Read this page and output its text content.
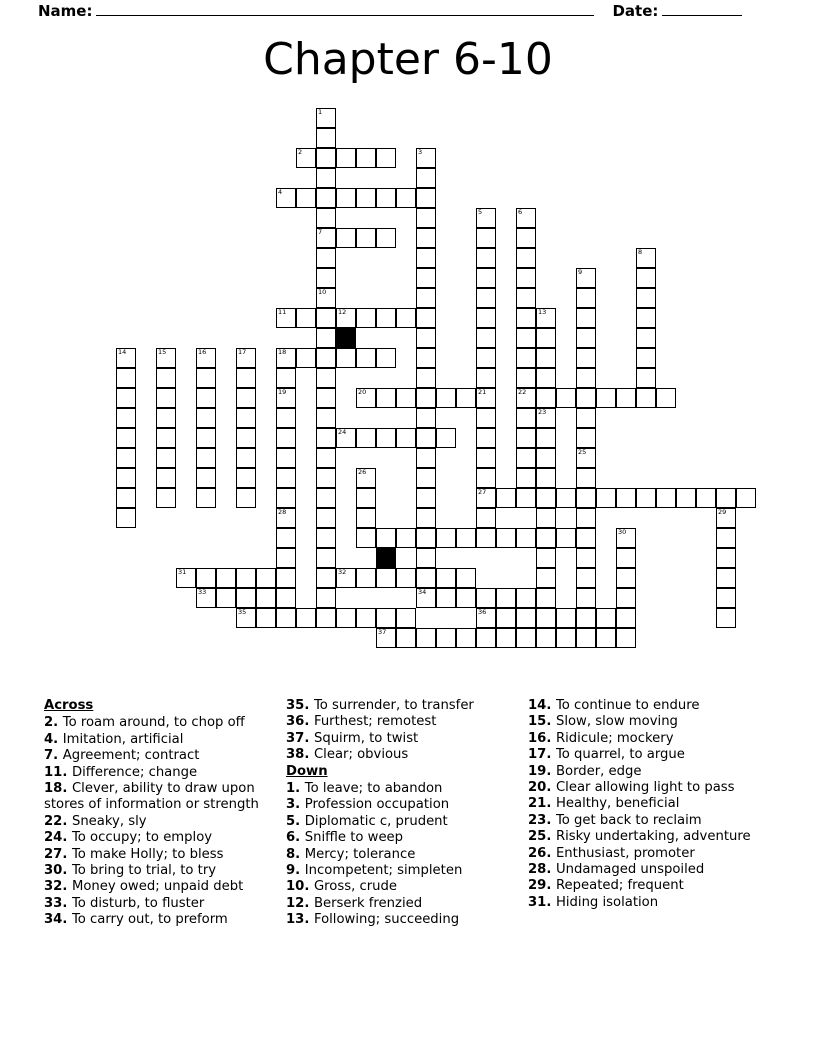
Name:	Date:
Chapter 6-10
1
2	3
4
5	6
7
8
9
10
11	12	13
14	15	16	17	18
19	20	21	22
23
24
25
26
27
28	29
30
31	32
33	34
35	36
37
Across
2. To roam around, to chop off
4. Imitation, artificial
7. Agreement; contract
11. Difference; change
18. Clever, ability to draw upon stores of information or strength
22. Sneaky, sly
24. To occupy; to employ
27. To make Holly; to bless
30. To bring to trial, to try
32. Money owed; unpaid debt
33. To disturb, to fluster
34. To carry out, to preform
35. To surrender, to transfer
36. Furthest; remotest
37. Squirm, to twist
38. Clear; obvious
Down
1. To leave; to abandon
3. Profession occupation
5. Diplomatic c, prudent
6. Sniffle to weep
8. Mercy; tolerance
9. Incompetent; simpleten
10. Gross, crude
12. Berserk frenzied
13. Following; succeeding
14. To continue to endure
15. Slow, slow moving
16. Ridicule; mockery
17. To quarrel, to argue
19. Border, edge
20. Clear allowing light to pass
21. Healthy, beneficial
23. To get back to reclaim
25. Risky undertaking, adventure
26. Enthusiast, promoter
28. Undamaged unspoiled
29. Repeated; frequent
31. Hiding isolation
